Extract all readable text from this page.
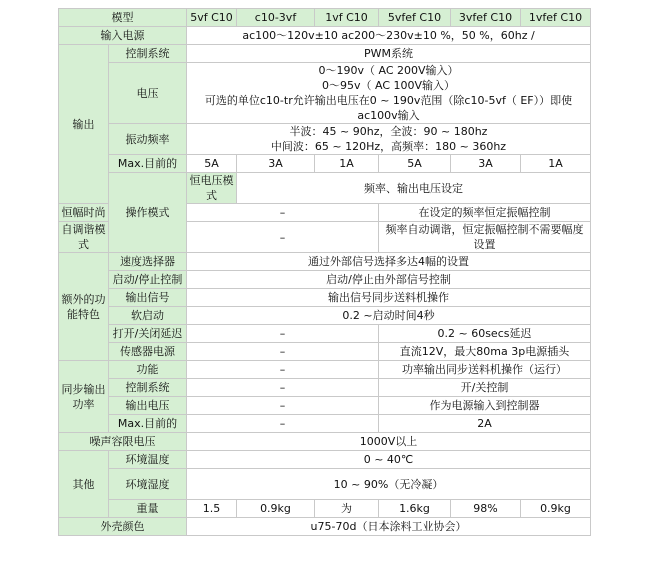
模型		5vf C10	c10-3vf	1vf C10	5vfef C10	3vfef C10	1vfef C10
输入电源		ac100〜120v±10 ac200〜230v±10 %，50 %，60hz /					
输出	控制系统	PWM系统					
	电压	0〜190v（ AC 200V输入）
0〜95v（ AC 100V输入）
可选的单位c10-tr允许输出电压在0 ~ 190v范围（除c10-5vf（ EF））即使ac100v输入					

	振动频率	半波：45 ~ 90hz，全波：90 ~ 180hz
中间波：65 ~ 120Hz，高频率：180 ~ 360hz					

	Max.目前的	5A	3A	1A	5A	3A	1A
	操作模式	恒电压模式	频率、输出电压设定				
恒幅时尚		–			在设定的频率恒定振幅控制		
自调谐模式		–			频率自动调谐，恒定振幅控制不需要幅度设置		
额外的功能特色	速度选择器	通过外部信号选择多达4幅的设置					
	启动/停止控制	启动/停止由外部信号控制					
	输出信号	输出信号同步送料机操作					
	软启动	0.2 ~启动时间4秒					
	打开/关闭延迟	–			0.2 ~ 60secs延迟		
	传感器电源	–			直流12V，最大80ma 3p电源插头		
同步输出功率	功能	–			功率输出同步送料机操作（运行）		
	控制系统	–			开/关控制		
	输出电压	–			作为电源输入到控制器		
	Max.目前的	–			2A		
噪声容限电压		1000V以上					
其他	环境温度	0 ~ 40℃					
	环境湿度	10 ~ 90%（无冷凝）					
	重量	1.5	0.9kg	为	1.6kg	98%	0.9kg
外壳颜色		u75-70d（日本涂料工业协会）					
